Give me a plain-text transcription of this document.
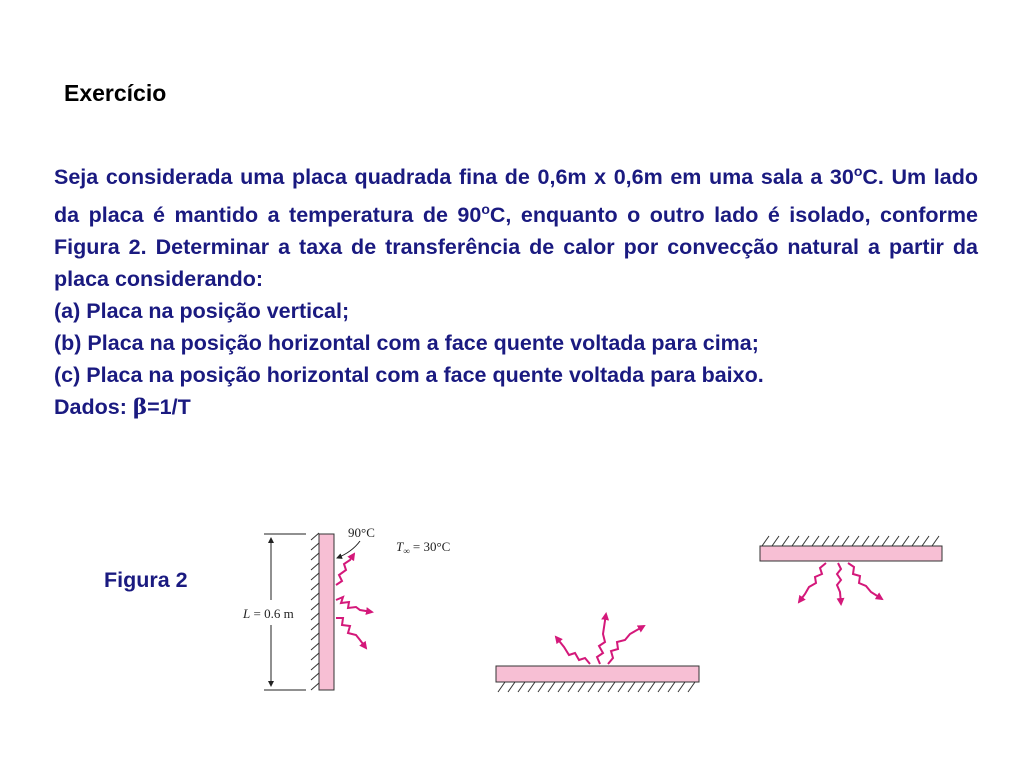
Exercício

Seja considerada uma placa quadrada fina de 0,6m x 0,6m em uma sala a 30$^o$C. Um lado da placa é mantido a temperatura de 90$^o$C, enquanto o outro lado é isolado, conforme Figura 2. Determinar a taxa de transferência de calor por convecção natural a partir da placa considerando:

(a) Placa na posição vertical;

(b) Placa na posição horizontal com a face quente voltada para cima;

(c) Placa na posição horizontal com a face quente voltada para baixo.

Dados: β=1/T

Figura 2
L = 0.6 m
90°C
$T_\infty = 30^\circ C$
